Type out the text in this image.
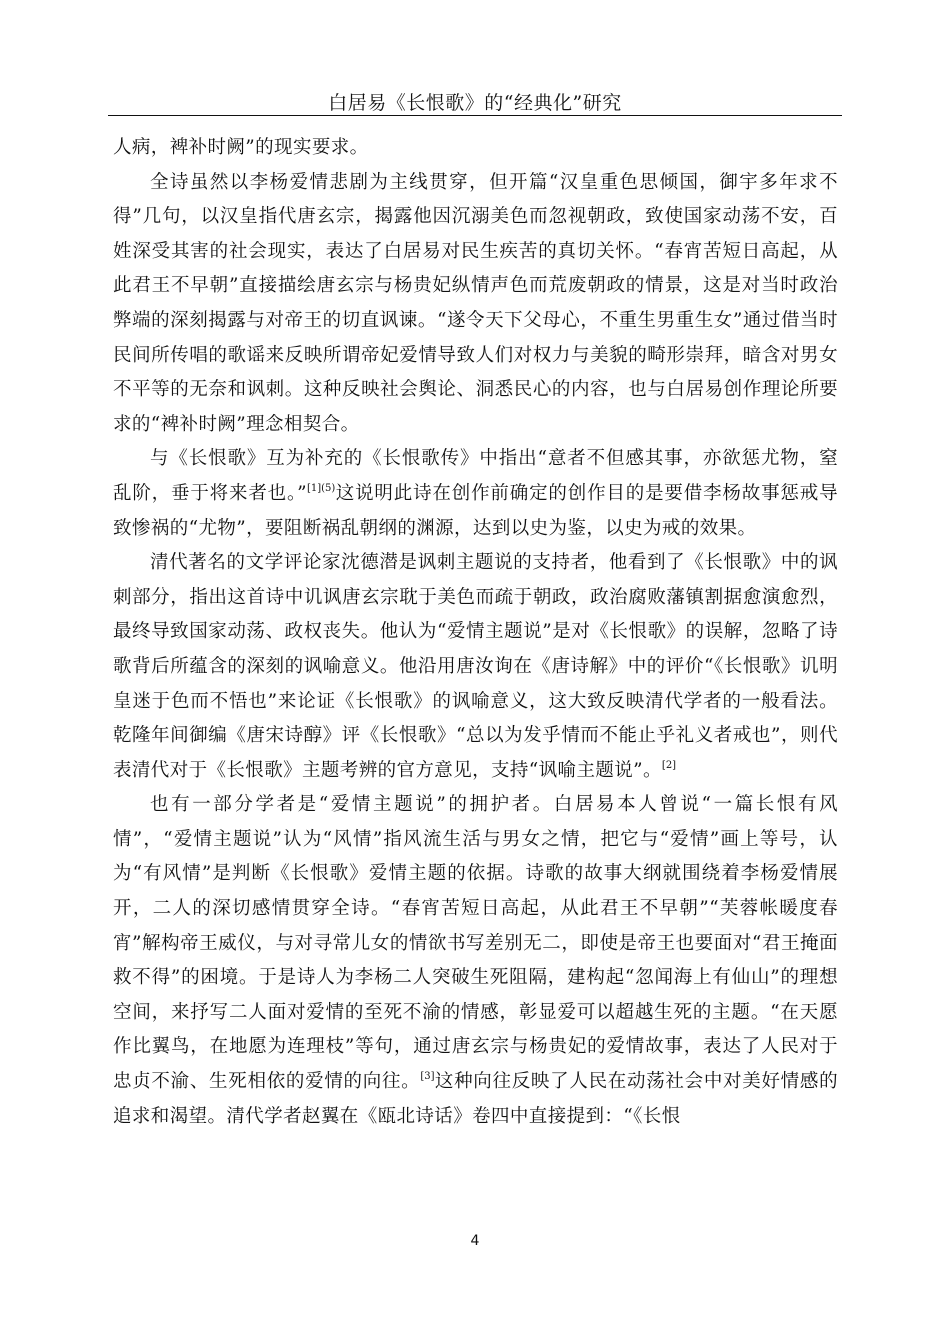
白居易《长恨歌》的“经典化”研究

人病，裨补时阙”的现实要求。

全诗虽然以李杨爱情悲剧为主线贯穿，但开篇“汉皇重色思倾国，御宇多年求不得”几句，以汉皇指代唐玄宗，揭露他因沉溺美色而忽视朝政，致使国家动荡不安，百姓深受其害的社会现实，表达了白居易对民生疾苦的真切关怀。“春宵苦短日高起，从此君王不早朝”直接描绘唐玄宗与杨贵妃纵情声色而荒废朝政的情景，这是对当时政治弊端的深刻揭露与对帝王的切直讽谏。“遂令天下父母心，不重生男重生女”通过借当时民间所传唱的歌谣来反映所谓帝妃爱情导致人们对权力与美貌的畸形崇拜，暗含对男女不平等的无奈和讽刺。这种反映社会舆论、洞悉民心的内容，也与白居易创作理论所要求的“裨补时阙”理念相契合。

与《长恨歌》互为补充的《长恨歌传》中指出“意者不但感其事，亦欲惩尤物，窒乱阶，垂于将来者也。”$^{[1](5)}$这说明此诗在创作前确定的创作目的是要借李杨故事惩戒导致惨祸的“尤物”，要阻断祸乱朝纲的渊源，达到以史为鉴，以史为戒的效果。

清代著名的文学评论家沈德潜是讽刺主题说的支持者，他看到了《长恨歌》中的讽刺部分，指出这首诗中讥讽唐玄宗耽于美色而疏于朝政，政治腐败藩镇割据愈演愈烈，最终导致国家动荡、政权丧失。他认为“爱情主题说”是对《长恨歌》的误解，忽略了诗歌背后所蕴含的深刻的讽喻意义。他沿用唐汝询在《唐诗解》中的评价“《长恨歌》讥明皇迷于色而不悟也”来论证《长恨歌》的讽喻意义，这大致反映清代学者的一般看法。乾隆年间御编《唐宋诗醇》评《长恨歌》“总以为发乎情而不能止乎礼义者戒也”，则代表清代对于《长恨歌》主题考辨的官方意见，支持“讽喻主题说”。[2]

也有一部分学者是“爱情主题说”的拥护者。白居易本人曾说“一篇长恨有风情”，“爱情主题说”认为“风情”指风流生活与男女之情，把它与“爱情”画上等号，认为“有风情”是判断《长恨歌》爱情主题的依据。诗歌的故事大纲就围绕着李杨爱情展开，二人的深切感情贯穿全诗。“春宵苦短日高起，从此君王不早朝”“芙蓉帐暖度春宵”解构帝王威仪，与对寻常儿女的情欲书写差别无二，即使是帝王也要面对“君王掩面救不得”的困境。于是诗人为李杨二人突破生死阻隔，建构起“忽闻海上有仙山”的理想空间，来抒写二人面对爱情的至死不渝的情感，彰显爱可以超越生死的主题。“在天愿作比翼鸟，在地愿为连理枝”等句，通过唐玄宗与杨贵妃的爱情故事，表达了人民对于忠贞不渝、生死相依的爱情的向往。[3]这种向往反映了人民在动荡社会中对美好情感的追求和渴望。清代学者赵翼在《瓯北诗话》卷四中直接提到：“《长恨

4
